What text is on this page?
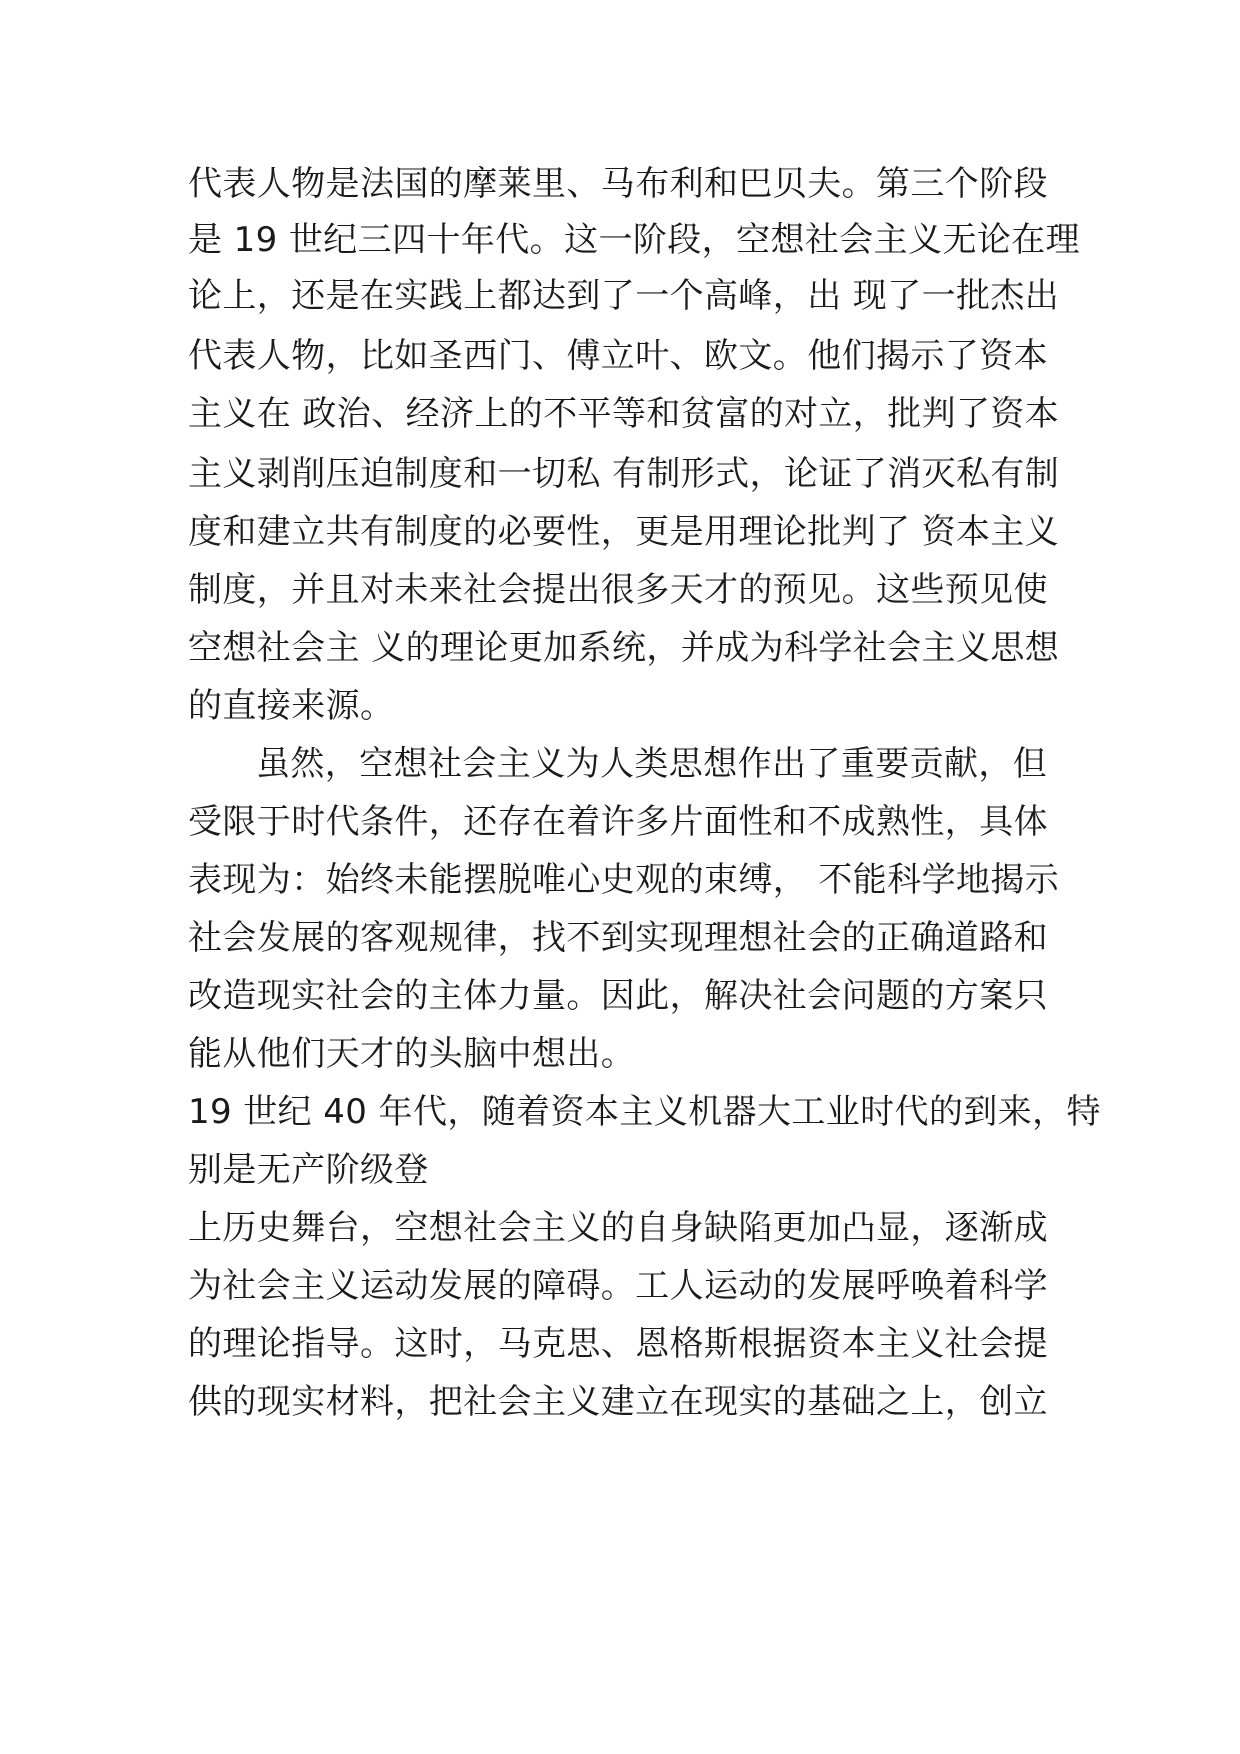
代表人物是法国的摩莱里、马布利和巴贝夫。第三个阶段
是 19 世纪三四十年代。这一阶段，空想社会主义无论在理
论上，还是在实践上都达到了一个高峰，出 现了一批杰出
代表人物，比如圣西门、傅立叶、欧文。他们揭示了资本
主义在 政治、经济上的不平等和贫富的对立，批判了资本
主义剥削压迫制度和一切私 有制形式，论证了消灭私有制
度和建立共有制度的必要性，更是用理论批判了 资本主义
制度，并且对未来社会提出很多天才的预见。这些预见使
空想社会主 义的理论更加系统，并成为科学社会主义思想
的直接来源。
虽然，空想社会主义为人类思想作出了重要贡献，但
受限于时代条件，还存在着许多片面性和不成熟性，具体
表现为：始终未能摆脱唯心史观的束缚， 不能科学地揭示
社会发展的客观规律，找不到实现理想社会的正确道路和
改造现实社会的主体力量。因此，解决社会问题的方案只
能从他们天才的头脑中想出。
19 世纪 40 年代，随着资本主义机器大工业时代的到来，特
别是无产阶级登
上历史舞台，空想社会主义的自身缺陷更加凸显，逐渐成
为社会主义运动发展的障碍。工人运动的发展呼唤着科学
的理论指导。这时，马克思、恩格斯根据资本主义社会提
供的现实材料，把社会主义建立在现实的基础之上，创立
